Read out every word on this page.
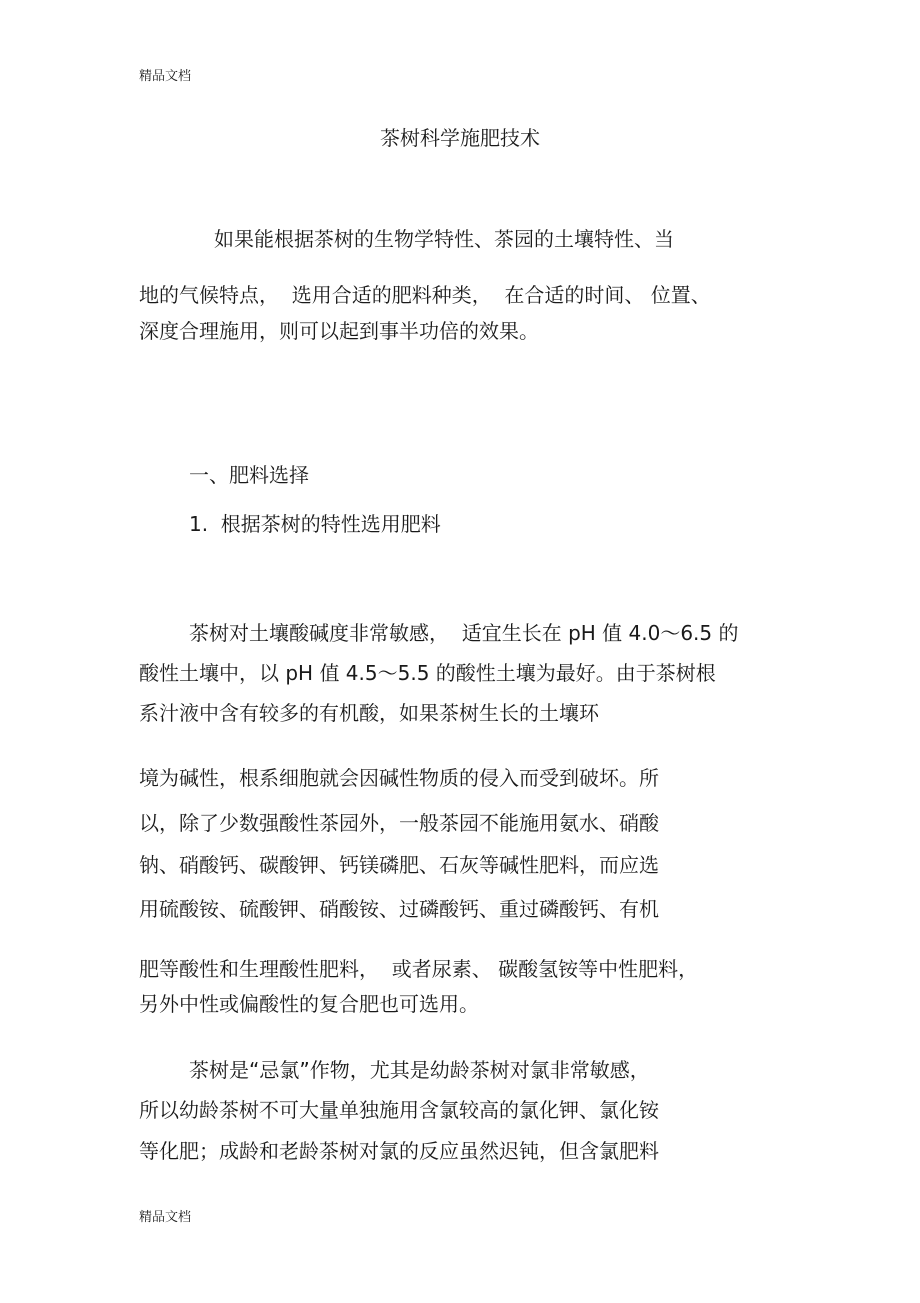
精品文档
茶树科学施肥技术
如果能根据茶树的生物学特性、茶园的土壤特性、当
地的气候特点，  选用合适的肥料种类，  在合适的时间、 位置、
深度合理施用，则可以起到事半功倍的效果。
一、肥料选择
1.  根据茶树的特性选用肥料
茶树对土壤酸碱度非常敏感，  适宜生长在 pH 值 4.0～6.5 的
酸性土壤中，以 pH 值 4.5～5.5 的酸性土壤为最好。由于茶树根
系汁液中含有较多的有机酸，如果茶树生长的土壤环
境为碱性，根系细胞就会因碱性物质的侵入而受到破坏。所
以，除了少数强酸性茶园外，一般茶园不能施用氨水、硝酸
钠、硝酸钙、碳酸钾、钙镁磷肥、石灰等碱性肥料，而应选
用硫酸铵、硫酸钾、硝酸铵、过磷酸钙、重过磷酸钙、有机
肥等酸性和生理酸性肥料，  或者尿素、 碳酸氢铵等中性肥料，
另外中性或偏酸性的复合肥也可选用。
茶树是“忌氯”作物，尤其是幼龄茶树对氯非常敏感，
所以幼龄茶树不可大量单独施用含氯较高的氯化钾、氯化铵
等化肥；成龄和老龄茶树对氯的反应虽然迟钝，但含氯肥料
精品文档
